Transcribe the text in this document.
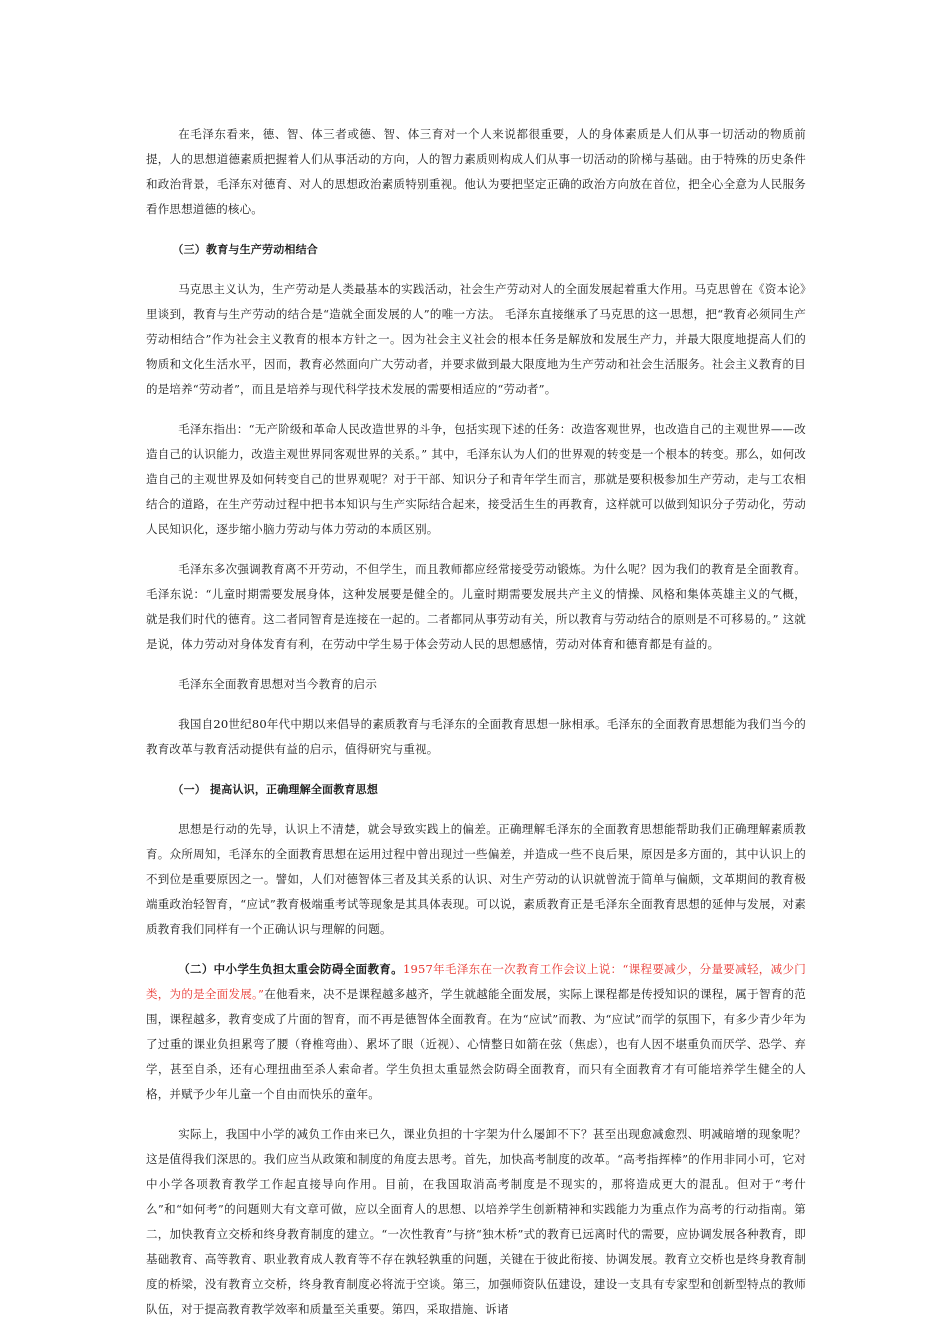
在毛泽东看来，德、智、体三者或德、智、体三育对一个人来说都很重要，人的身体素质是人们从事一切活动的物质前提，人的思想道德素质把握着人们从事活动的方向，人的智力素质则构成人们从事一切活动的阶梯与基础。由于特殊的历史条件和政治背景，毛泽东对德育、对人的思想政治素质特别重视。他认为要把坚定正确的政治方向放在首位，把全心全意为人民服务看作思想道德的核心。

（三）教育与生产劳动相结合

马克思主义认为，生产劳动是人类最基本的实践活动，社会生产劳动对人的全面发展起着重大作用。马克思曾在《资本论》里谈到，教育与生产劳动的结合是“造就全面发展的人”的唯一方法。 毛泽东直接继承了马克思的这一思想，把“教育必须同生产劳动相结合”作为社会主义教育的根本方针之一。因为社会主义社会的根本任务是解放和发展生产力，并最大限度地提高人们的物质和文化生活水平，因而，教育必然面向广大劳动者，并要求做到最大限度地为生产劳动和社会生活服务。社会主义教育的目的是培养“劳动者”，而且是培养与现代科学技术发展的需要相适应的“劳动者”。

毛泽东指出：“无产阶级和革命人民改造世界的斗争，包括实现下述的任务：改造客观世界，也改造自己的主观世界——改造自己的认识能力，改造主观世界同客观世界的关系。” 其中，毛泽东认为人们的世界观的转变是一个根本的转变。那么，如何改造自己的主观世界及如何转变自己的世界观呢？对于干部、知识分子和青年学生而言，那就是要积极参加生产劳动，走与工农相结合的道路，在生产劳动过程中把书本知识与生产实际结合起来，接受活生生的再教育，这样就可以做到知识分子劳动化，劳动人民知识化，逐步缩小脑力劳动与体力劳动的本质区别。

毛泽东多次强调教育离不开劳动，不但学生，而且教师都应经常接受劳动锻炼。为什么呢？因为我们的教育是全面教育。毛泽东说：“儿童时期需要发展身体，这种发展要是健全的。儿童时期需要发展共产主义的情操、风格和集体英雄主义的气概，就是我们时代的德育。这二者同智育是连接在一起的。二者都同从事劳动有关，所以教育与劳动结合的原则是不可移易的。” 这就是说，体力劳动对身体发育有利，在劳动中学生易于体会劳动人民的思想感情，劳动对体育和德育都是有益的。

毛泽东全面教育思想对当今教育的启示

我国自20世纪80年代中期以来倡导的素质教育与毛泽东的全面教育思想一脉相承。毛泽东的全面教育思想能为我们当今的教育改革与教育活动提供有益的启示，值得研究与重视。

（一） 提高认识，正确理解全面教育思想

思想是行动的先导，认识上不清楚，就会导致实践上的偏差。正确理解毛泽东的全面教育思想能帮助我们正确理解素质教育。众所周知，毛泽东的全面教育思想在运用过程中曾出现过一些偏差，并造成一些不良后果，原因是多方面的，其中认识上的不到位是重要原因之一。譬如，人们对德智体三者及其关系的认识、对生产劳动的认识就曾流于简单与偏颇，文革期间的教育极端重政治轻智育，“应试”教育极端重考试等现象是其具体表现。可以说，素质教育正是毛泽东全面教育思想的延伸与发展，对素质教育我们同样有一个正确认识与理解的问题。

（二）中小学生负担太重会防碍全面教育。1957年毛泽东在一次教育工作会议上说：“课程要减少，分量要减轻，减少门类，为的是全面发展。”在他看来，决不是课程越多越齐，学生就越能全面发展，实际上课程都是传授知识的课程，属于智育的范围，课程越多，教育变成了片面的智育，而不再是德智体全面教育。在为“应试”而教、为“应试”而学的氛围下，有多少青少年为了过重的课业负担累弯了腰（脊椎弯曲）、累坏了眼（近视）、心情整日如箭在弦（焦虑），也有人因不堪重负而厌学、恐学、弃学，甚至自杀，还有心理扭曲至杀人索命者。学生负担太重显然会防碍全面教育，而只有全面教育才有可能培养学生健全的人格，并赋予少年儿童一个自由而快乐的童年。

实际上，我国中小学的减负工作由来已久，课业负担的十字架为什么屡卸不下？甚至出现愈减愈烈、明减暗增的现象呢？这是值得我们深思的。我们应当从政策和制度的角度去思考。首先，加快高考制度的改革。“高考指挥棒”的作用非同小可，它对中小学各项教育教学工作起直接导向作用。目前，在我国取消高考制度是不现实的，那将造成更大的混乱。但对于“考什么”和“如何考”的问题则大有文章可做，应以全面育人的思想、以培养学生创新精神和实践能力为重点作为高考的行动指南。第二，加快教育立交桥和终身教育制度的建立。“一次性教育”与挤“独木桥”式的教育已远离时代的需要，应协调发展各种教育，即基础教育、高等教育、职业教育成人教育等不存在孰轻孰重的问题，关键在于彼此衔接、协调发展。教育立交桥也是终身教育制度的桥梁，没有教育立交桥，终身教育制度必将流于空谈。第三，加强师资队伍建设，建设一支具有专家型和创新型特点的教师队伍，对于提高教育教学效率和质量至关重要。第四，采取措施、诉诸
